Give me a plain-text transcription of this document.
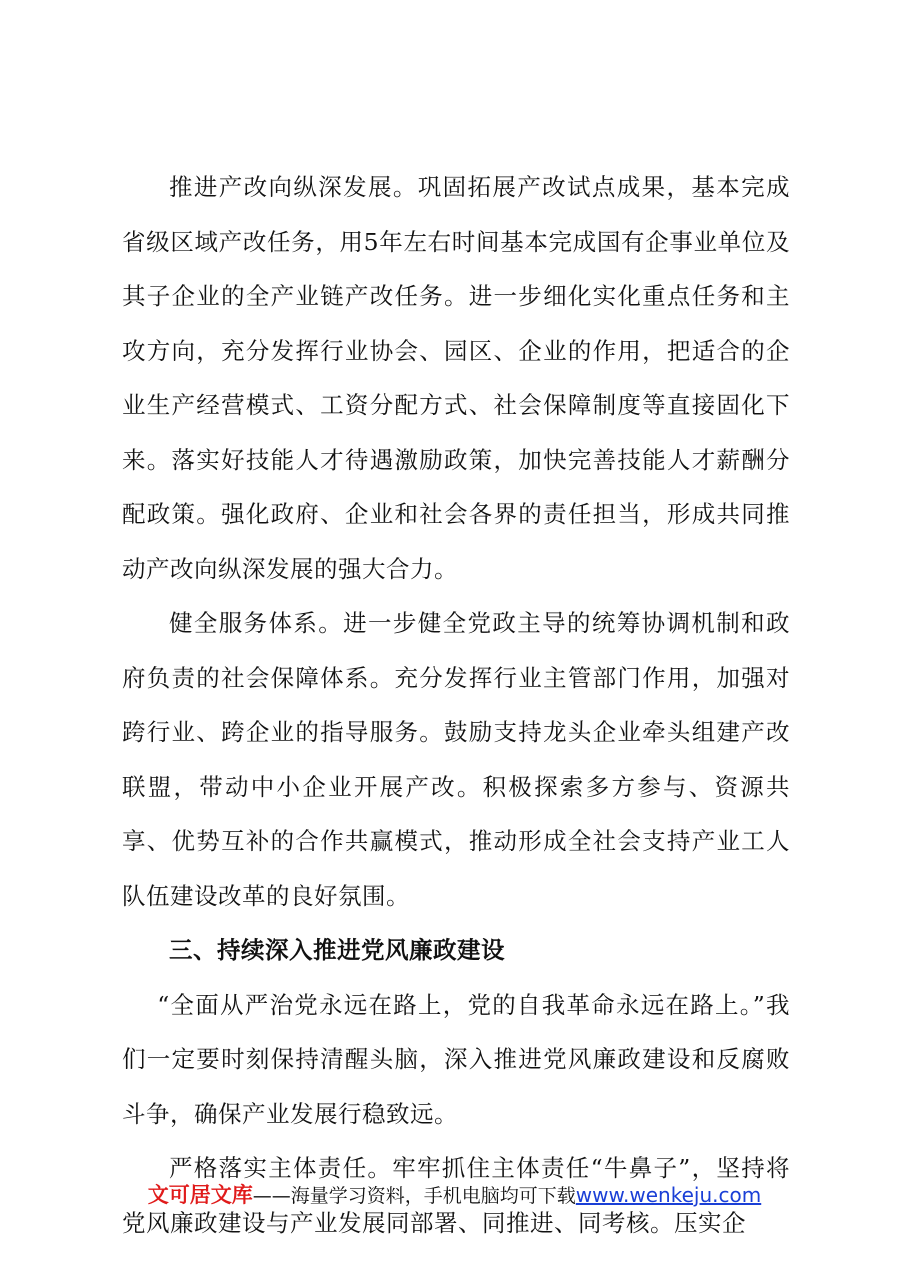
推进产改向纵深发展。巩固拓展产改试点成果，基本完成省级区域产改任务，用5年左右时间基本完成国有企事业单位及其子企业的全产业链产改任务。进一步细化实化重点任务和主攻方向，充分发挥行业协会、园区、企业的作用，把适合的企业生产经营模式、工资分配方式、社会保障制度等直接固化下来。落实好技能人才待遇激励政策，加快完善技能人才薪酬分配政策。强化政府、企业和社会各界的责任担当，形成共同推动产改向纵深发展的强大合力。

健全服务体系。进一步健全党政主导的统筹协调机制和政府负责的社会保障体系。充分发挥行业主管部门作用，加强对跨行业、跨企业的指导服务。鼓励支持龙头企业牵头组建产改联盟，带动中小企业开展产改。积极探索多方参与、资源共享、优势互补的合作共赢模式，推动形成全社会支持产业工人队伍建设改革的良好氛围。

三、持续深入推进党风廉政建设

“全面从严治党永远在路上，党的自我革命永远在路上。”我们一定要时刻保持清醒头脑，深入推进党风廉政建设和反腐败斗争，确保产业发展行稳致远。

严格落实主体责任。牢牢抓住主体责任“牛鼻子”，坚持将党风廉政建设与产业发展同部署、同推进、同考核。压实企

文可居文库——海量学习资料，手机电脑均可下载www.wenkeju.com
